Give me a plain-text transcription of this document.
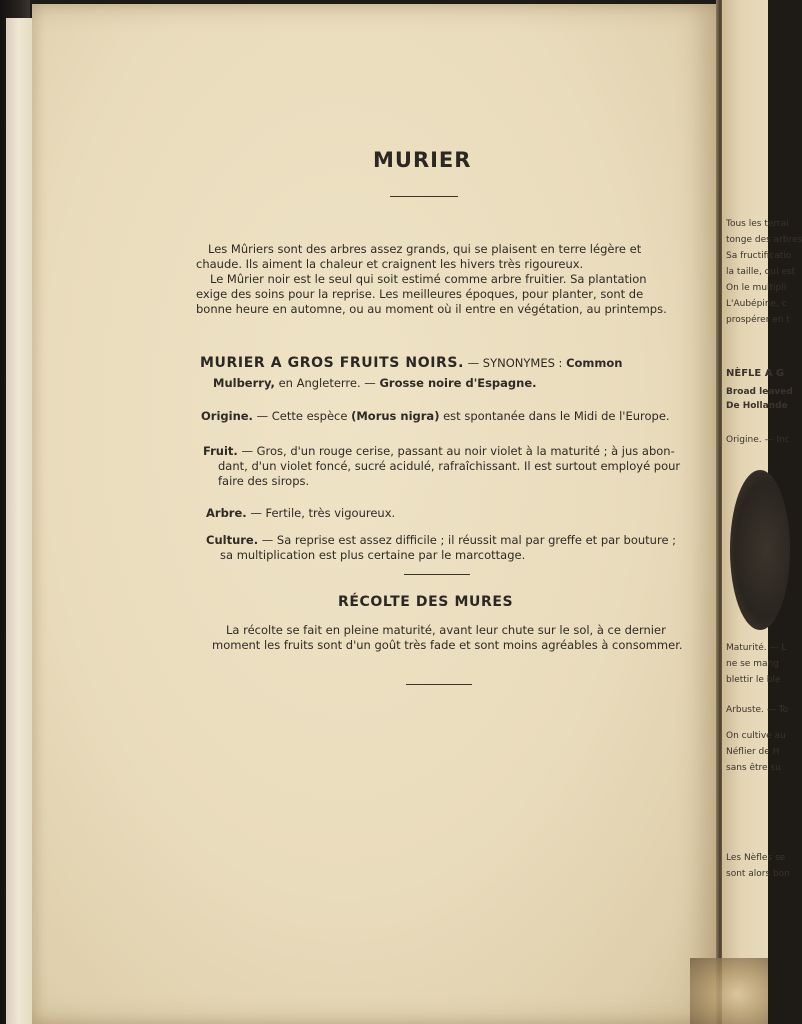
MURIER
Les Mûriers sont des arbres assez grands, qui se plaisent en terre légère et
chaude. Ils aiment la chaleur et craignent les hivers très rigoureux.
Le Mûrier noir est le seul qui soit estimé comme arbre fruitier. Sa plantation
exige des soins pour la reprise. Les meilleures époques, pour planter, sont de
bonne heure en automne, ou au moment où il entre en végétation, au printemps.
MURIER A GROS FRUITS NOIRS. — SYNONYMES : Common
Mulberry, en Angleterre. — Grosse noire d'Espagne.
Origine. — Cette espèce (Morus nigra) est spontanée dans le Midi de l'Europe.
Fruit. — Gros, d'un rouge cerise, passant au noir violet à la maturité ; à jus abon-
dant, d'un violet foncé, sucré acidulé, rafraîchissant. Il est surtout employé pour
faire des sirops.
Arbre. — Fertile, très vigoureux.
Culture. — Sa reprise est assez difficile ; il réussit mal par greffe et par bouture ;
sa multiplication est plus certaine par le marcottage.
RÉCOLTE DES MURES
La récolte se fait en pleine maturité, avant leur chute sur le sol, à ce dernier
moment les fruits sont d'un goût très fade et sont moins agréables à consommer.
Tous les terrai
tonge des arbres
Sa fructificatio
la taille, qui est
On le multipli
L'Aubépine, c
prospérer en t
NÈFLE A G
Broad leaved
De Hollande
Origine. — Inc
Maturité. — L
ne se mang
blettir le ble
Arbuste. — To
On cultive au
Néflier de H
sans être su
Les Nèfles se
sont alors bon
